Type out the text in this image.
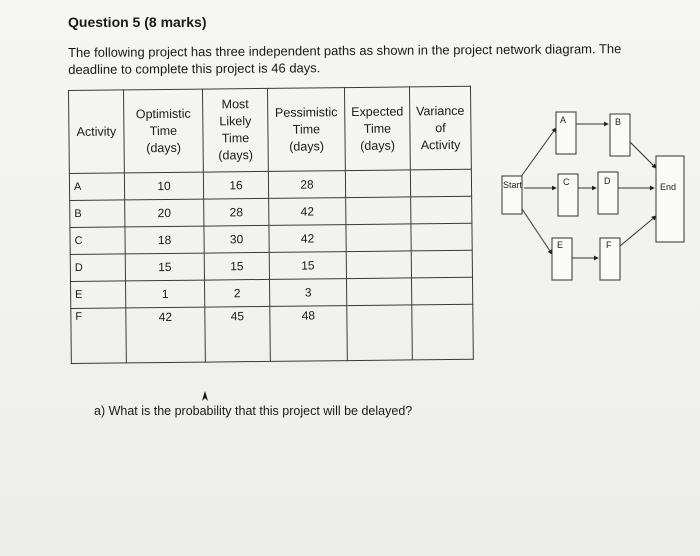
Question 5 (8 marks)
The following project has three independent paths as shown in the project network diagram. The
deadline to complete this project is 46 days.
Activity	Optimistic
Time
(days)	Most
Likely
Time
(days)	Pessimistic
Time
(days)	Expected
Time
(days)	Variance
of
Activity
A	10	16	28		
B	20	28	42		
C	18	30	42		
D	15	15	15		
E	1	2	3		
F	42	45	48		
a) What is the probability that this project will be delayed?
Start
A	B
C	D
E	F
End
